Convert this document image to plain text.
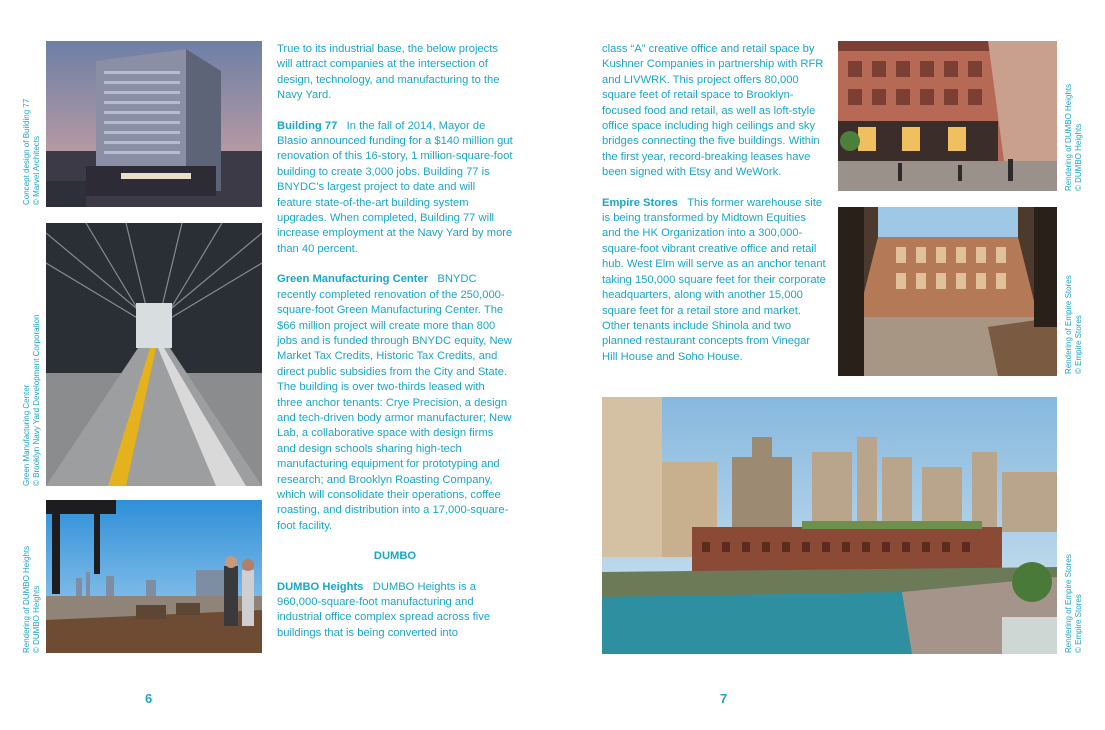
Concept design of Building 77 © Marvel Architects
Green Manufacturing Center © Brooklyn Navy Yard Development Corporation
Rendering of DUMBO Heights © DUMBO Heights

True to its industrial base, the below projects will attract companies at the intersection of design, technology, and manufacturing to the Navy Yard.

Building 77 In the fall of 2014, Mayor de Blasio announced funding for a $140 million gut renovation of this 16-story, 1 million-square-foot building to create 3,000 jobs. Building 77 is BNYDC’s largest project to date and will feature state-of-the-art building system upgrades. When completed, Building 77 will increase employment at the Navy Yard by more than 40 percent.

Green Manufacturing Center BNYDC recently completed renovation of the 250,000-square-foot Green Manufacturing Center. The $66 million project will create more than 800 jobs and is funded through BNYDC equity, New Market Tax Credits, Historic Tax Credits, and direct public subsidies from the City and State. The building is over two-thirds leased with three anchor tenants: Crye Precision, a design and tech-driven body armor manufacturer; New Lab, a collaborative space with design firms and design schools sharing high-tech manufacturing equipment for prototyping and research; and Brooklyn Roasting Company, which will consolidate their operations, coffee roasting, and distribution into a 17,000-square-foot facility.

DUMBO

DUMBO Heights DUMBO Heights is a 960,000-square-foot manufacturing and industrial office complex spread across five buildings that is being converted into

6

class “A” creative office and retail space by Kushner Companies in partnership with RFR and LIVWRK. This project offers 80,000 square feet of retail space to Brooklyn-focused food and retail, as well as loft-style office space including high ceilings and sky bridges connecting the five buildings. Within the first year, record-breaking leases have been signed with Etsy and WeWork.

Empire Stores This former warehouse site is being transformed by Midtown Equities and the HK Organization into a 300,000-square-foot vibrant creative office and retail hub. West Elm will serve as an anchor tenant taking 150,000 square feet for their corporate headquarters, along with another 15,000 square feet for a retail store and market. Other tenants include Shinola and two planned restaurant concepts from Vinegar Hill House and Soho House.

Rendering of DUMBO Heights © DUMBO Heights
Rendering of Empire Stores © Empire Stores
Rendering of Empire Stores © Empire Stores
7
